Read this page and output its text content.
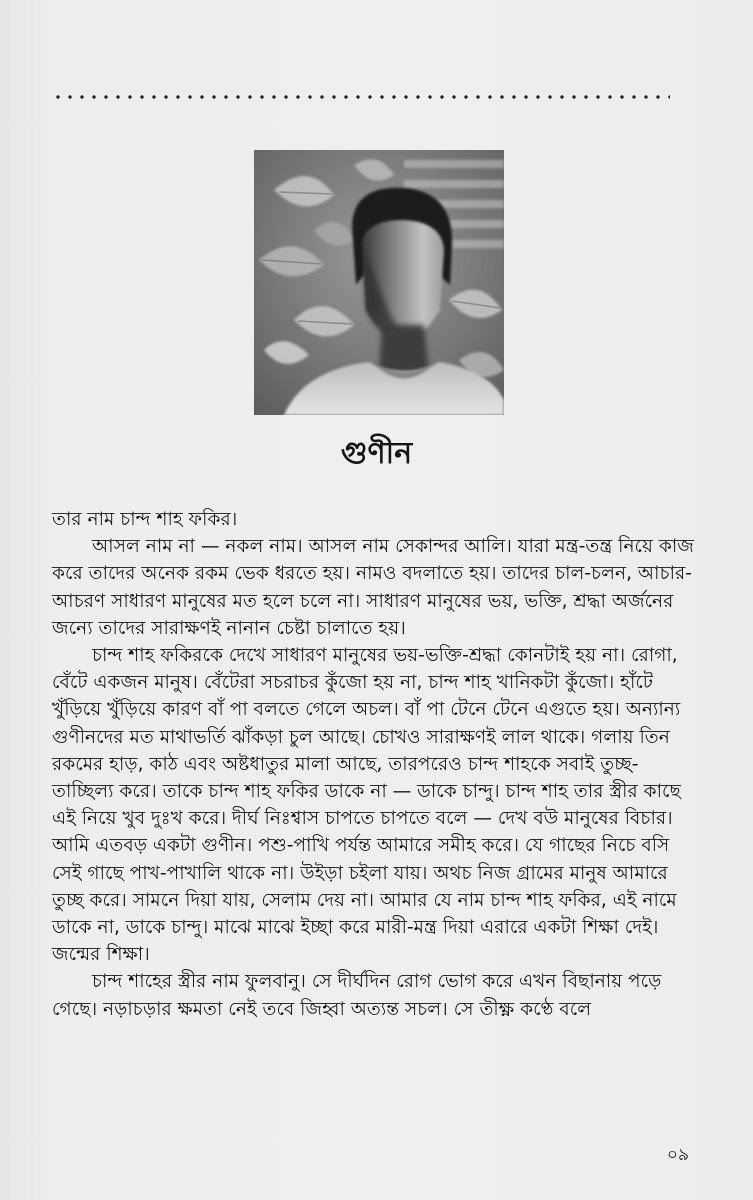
গুণীন

তার নাম চান্দ শাহ ফকির।

আসল নাম না — নকল নাম। আসল নাম সেকান্দর আলি। যারা মন্ত্র-তন্ত্র নিয়ে কাজ করে তাদের অনেক রকম ভেক ধরতে হয়। নামও বদলাতে হয়। তাদের চাল-চলন, আচার-আচরণ সাধারণ মানুষের মত হলে চলে না। সাধারণ মানুষের ভয়, ভক্তি, শ্রদ্ধা অর্জনের জন্যে তাদের সারাক্ষণই নানান চেষ্টা চালাতে হয়।

চান্দ শাহ ফকিরকে দেখে সাধারণ মানুষের ভয়-ভক্তি-শ্রদ্ধা কোনটাই হয় না। রোগা, বেঁটে একজন মানুষ। বেঁটেরা সচরাচর কুঁজো হয় না, চান্দ শাহ খানিকটা কুঁজো। হাঁটে খুঁড়িয়ে খুঁড়িয়ে কারণ বাঁ পা বলতে গেলে অচল। বাঁ পা টেনে টেনে এগুতে হয়। অন্যান্য গুণীনদের মত মাথাভর্তি ঝাঁকড়া চুল আছে। চোখও সারাক্ষণই লাল থাকে। গলায় তিন রকমের হাড়, কাঠ এবং অষ্টধাতুর মালা আছে, তারপরেও চান্দ শাহকে সবাই তুচ্ছ-তাচ্ছিল্য করে। তাকে চান্দ শাহ ফকির ডাকে না — ডাকে চান্দু। চান্দ শাহ তার স্ত্রীর কাছে এই নিয়ে খুব দুঃখ করে। দীর্ঘ নিঃশ্বাস চাপতে চাপতে বলে — দেখ বউ মানুষের বিচার। আমি এতবড় একটা গুণীন। পশু-পাখি পর্যন্ত আমারে সমীহ করে। যে গাছের নিচে বসি সেই গাছে পাখ-পাখালি থাকে না। উইড়া চইলা যায়। অথচ নিজ গ্রামের মানুষ আমারে তুচ্ছ করে। সামনে দিয়া যায়, সেলাম দেয় না। আমার যে নাম চান্দ শাহ ফকির, এই নামে ডাকে না, ডাকে চান্দু। মাঝে মাঝে ইচ্ছা করে মারী-মন্ত্র দিয়া এরারে একটা শিক্ষা দেই। জন্মের শিক্ষা।

চান্দ শাহের স্ত্রীর নাম ফুলবানু। সে দীর্ঘদিন রোগ ভোগ করে এখন বিছানায় পড়ে গেছে। নড়াচড়ার ক্ষমতা নেই তবে জিহ্বা অত্যন্ত সচল। সে তীক্ষ্ণ কণ্ঠে বলে

০৯
